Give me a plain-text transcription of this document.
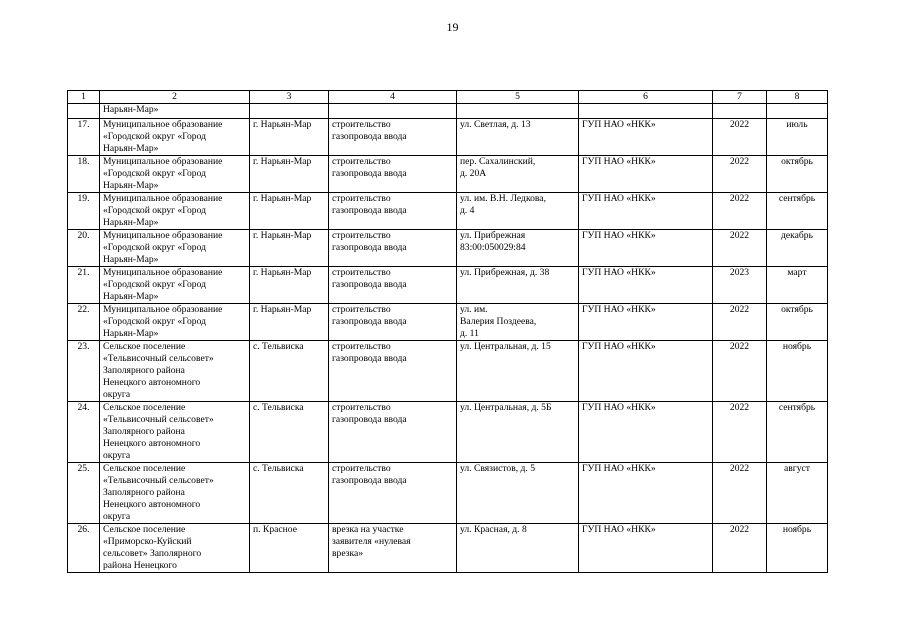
19
1	2	3	4	5	6	7	8
	Нарьян-Мар»						
17.	Муниципальное образование
«Городской округ «Город
Нарьян-Мар»	г. Нарьян-Мар	строительство
газопровода ввода	ул. Светлая, д. 13	ГУП НАО «НКК»	2022	июль
18.	Муниципальное образование
«Городской округ «Город
Нарьян-Мар»	г. Нарьян-Мар	строительство
газопровода ввода	пер. Сахалинский,
д. 20А	ГУП НАО «НКК»	2022	октябрь
19.	Муниципальное образование
«Городской округ «Город
Нарьян-Мар»	г. Нарьян-Мар	строительство
газопровода ввода	ул. им. В.Н. Ледкова,
д. 4	ГУП НАО «НКК»	2022	сентябрь
20.	Муниципальное образование
«Городской округ «Город
Нарьян-Мар»	г. Нарьян-Мар	строительство
газопровода ввода	ул. Прибрежная
83:00:050029:84	ГУП НАО «НКК»	2022	декабрь
21.	Муниципальное образование
«Городской округ «Город
Нарьян-Мар»	г. Нарьян-Мар	строительство
газопровода ввода	ул. Прибрежная, д. 38	ГУП НАО «НКК»	2023	март
22.	Муниципальное образование
«Городской округ «Город
Нарьян-Мар»	г. Нарьян-Мар	строительство
газопровода ввода	ул. им.
Валерия Поздеева,
д. 11	ГУП НАО «НКК»	2022	октябрь
23.	Сельское поселение
«Тельвисочный сельсовет»
Заполярного района
Ненецкого автономного
округа	с. Тельвиска	строительство
газопровода ввода	ул. Центральная, д. 15	ГУП НАО «НКК»	2022	ноябрь
24.	Сельское поселение
«Тельвисочный сельсовет»
Заполярного района
Ненецкого автономного
округа	с. Тельвиска	строительство
газопровода ввода	ул. Центральная, д. 5Б	ГУП НАО «НКК»	2022	сентябрь
25.	Сельское поселение
«Тельвисочный сельсовет»
Заполярного района
Ненецкого автономного
округа	с. Тельвиска	строительство
газопровода ввода	ул. Связистов, д. 5	ГУП НАО «НКК»	2022	август
26.	Сельское поселение
«Приморско-Куйский
сельсовет» Заполярного
района Ненецкого	п. Красное	врезка на участке
заявителя «нулевая
врезка»	ул. Красная, д. 8	ГУП НАО «НКК»	2022	ноябрь
